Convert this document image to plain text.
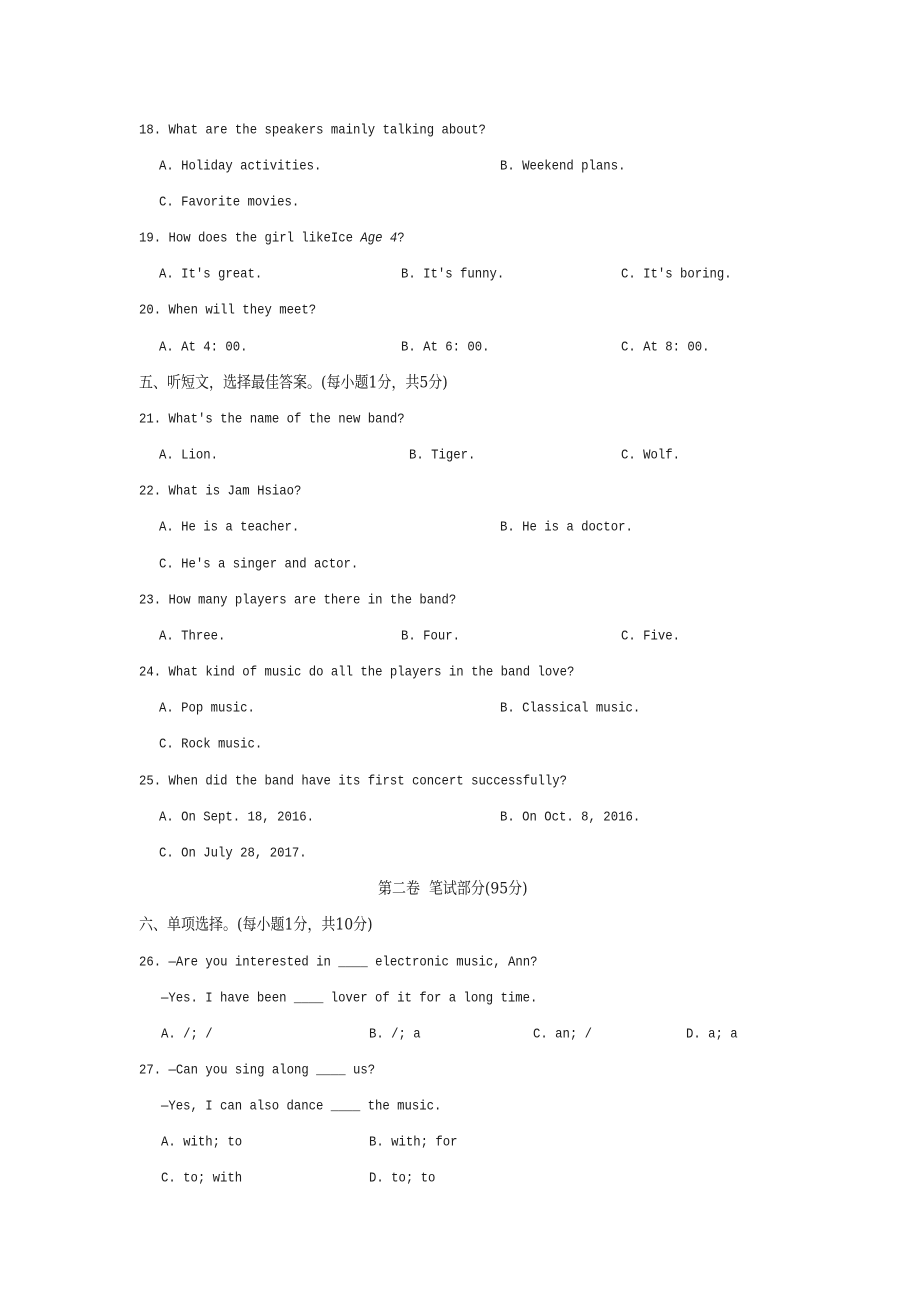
18. What are the speakers mainly talking about?
A. Holiday activities.	B. Weekend plans.
C. Favorite movies.
19. How does the girl likeIce Age 4?
A. It's great.	B. It's funny.	C. It's boring.
20. When will they meet?
A. At 4: 00.	B. At 6: 00.	C. At 8: 00.
五、听短文，选择最佳答案。(每小题1分，共5分)
21. What's the name of the new band?
A. Lion.	B. Tiger.	C. Wolf.
22. What is Jam Hsiao?
A. He is a teacher.	B. He is a doctor.
C. He's a singer and actor.
23. How many players are there in the band?
A. Three.	B. Four.	C. Five.
24. What kind of music do all the players in the band love?
A. Pop music.	B. Classical music.
C. Rock music.
25. When did the band have its first concert successfully?
A. On Sept. 18, 2016.	B. On Oct. 8, 2016.
C. On July 28, 2017.
第二卷  笔试部分(95分)
六、单项选择。(每小题1分，共10分)
26. —Are you interested in ____ electronic music, Ann?
—Yes. I have been ____ lover of it for a long time.
A. /; /	B. /; a	C. an; /	D. a; a
27. —Can you sing along ____ us?
—Yes, I can also dance ____ the music.
A. with; to	B. with; for
C. to; with	D. to; to
